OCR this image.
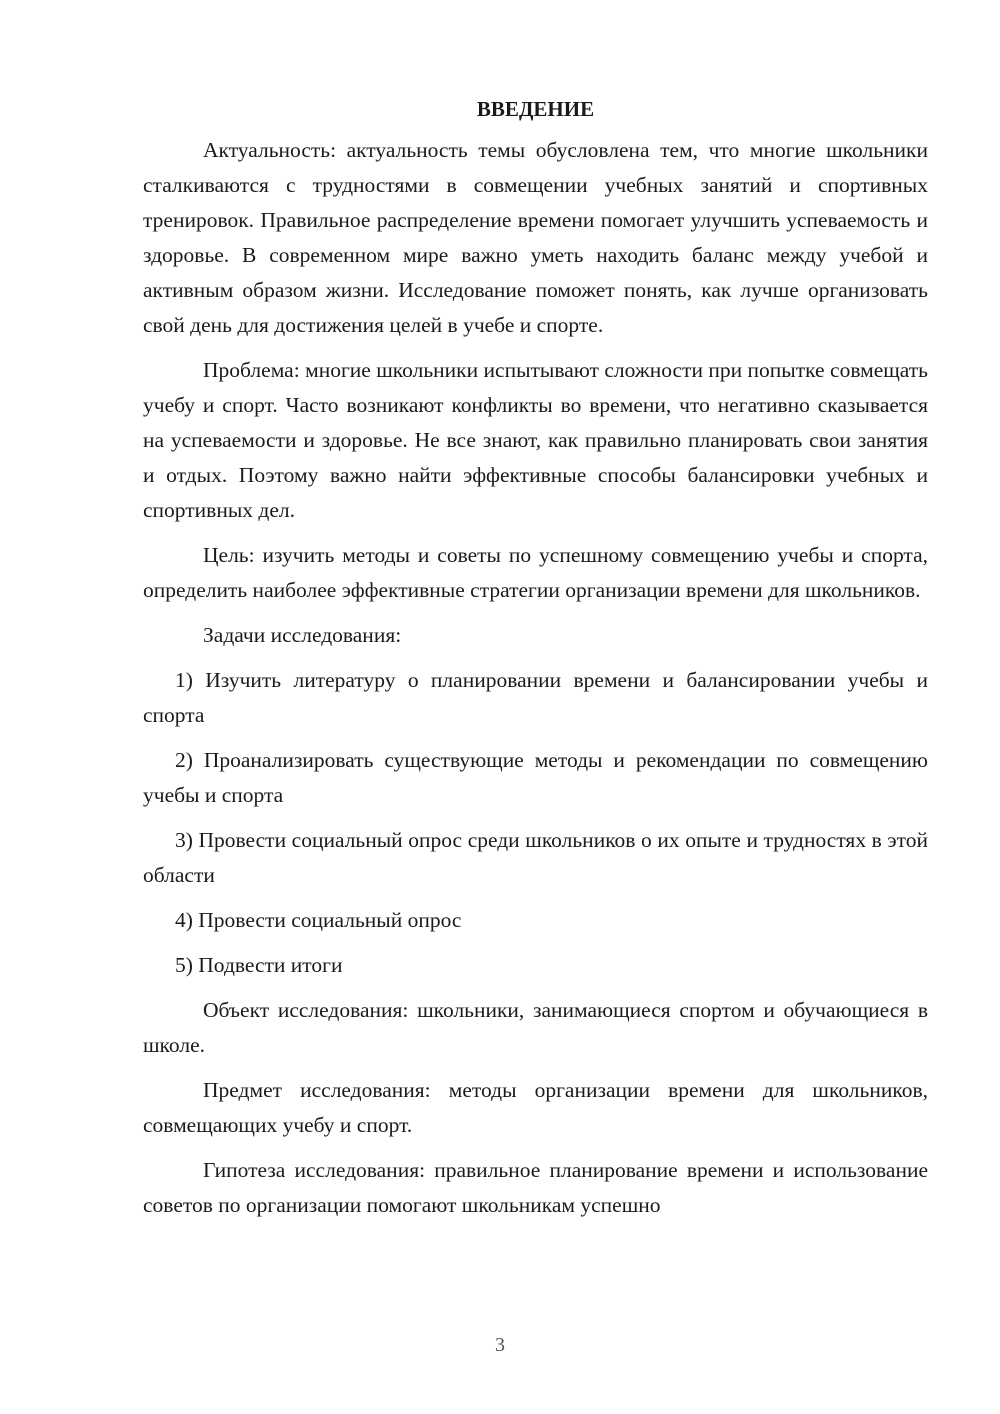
ВВЕДЕНИЕ

Актуальность: актуальность темы обусловлена тем, что многие школьники сталкиваются с трудностями в совмещении учебных занятий и спортивных тренировок. Правильное распределение времени помогает улучшить успеваемость и здоровье. В современном мире важно уметь находить баланс между учебой и активным образом жизни. Исследование поможет понять, как лучше организовать свой день для достижения целей в учебе и спорте.

Проблема: многие школьники испытывают сложности при попытке совмещать учебу и спорт. Часто возникают конфликты во времени, что негативно сказывается на успеваемости и здоровье. Не все знают, как правильно планировать свои занятия и отдых. Поэтому важно найти эффективные способы балансировки учебных и спортивных дел.

Цель: изучить методы и советы по успешному совмещению учебы и спорта, определить наиболее эффективные стратегии организации времени для школьников.

Задачи исследования:

1) Изучить литературу о планировании времени и балансировании учебы и спорта

2) Проанализировать существующие методы и рекомендации по совмещению учебы и спорта

3) Провести социальный опрос среди школьников о их опыте и трудностях в этой области

4) Провести социальный опрос

5) Подвести итоги

Объект исследования: школьники, занимающиеся спортом и обучающиеся в школе.

Предмет исследования: методы организации времени для школьников, совмещающих учебу и спорт.

Гипотеза исследования: правильное планирование времени и использование советов по организации помогают школьникам успешно

3
